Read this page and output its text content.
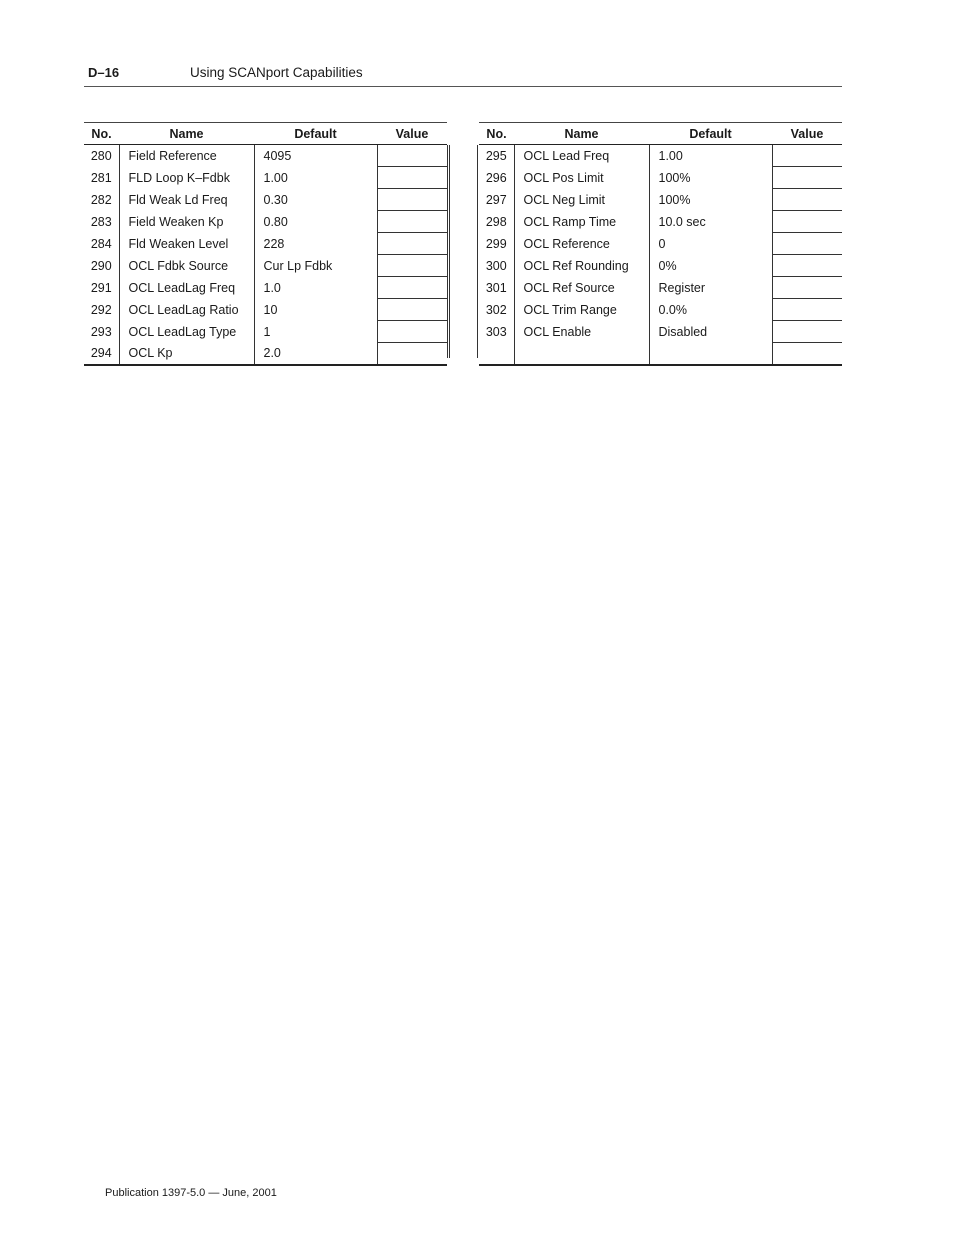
D–16	Using SCANport Capabilities
No.	Name	Default	Value
280	Field Reference	4095	
281	FLD Loop K–Fdbk	1.00	
282	Fld Weak Ld Freq	0.30	
283	Field Weaken Kp	0.80	
284	Fld Weaken Level	228	
290	OCL Fdbk Source	Cur Lp Fdbk	
291	OCL LeadLag Freq	1.0	
292	OCL LeadLag Ratio	10	
293	OCL LeadLag Type	1	
294	OCL Kp	2.0	
No.	Name	Default	Value
295	OCL Lead Freq	1.00	
296	OCL Pos Limit	100%	
297	OCL Neg Limit	100%	
298	OCL Ramp Time	10.0 sec	
299	OCL Reference	0	
300	OCL Ref Rounding	0%	
301	OCL Ref Source	Register	
302	OCL Trim Range	0.0%	
303	OCL Enable	Disabled	

Publication 1397-5.0 — June, 2001
